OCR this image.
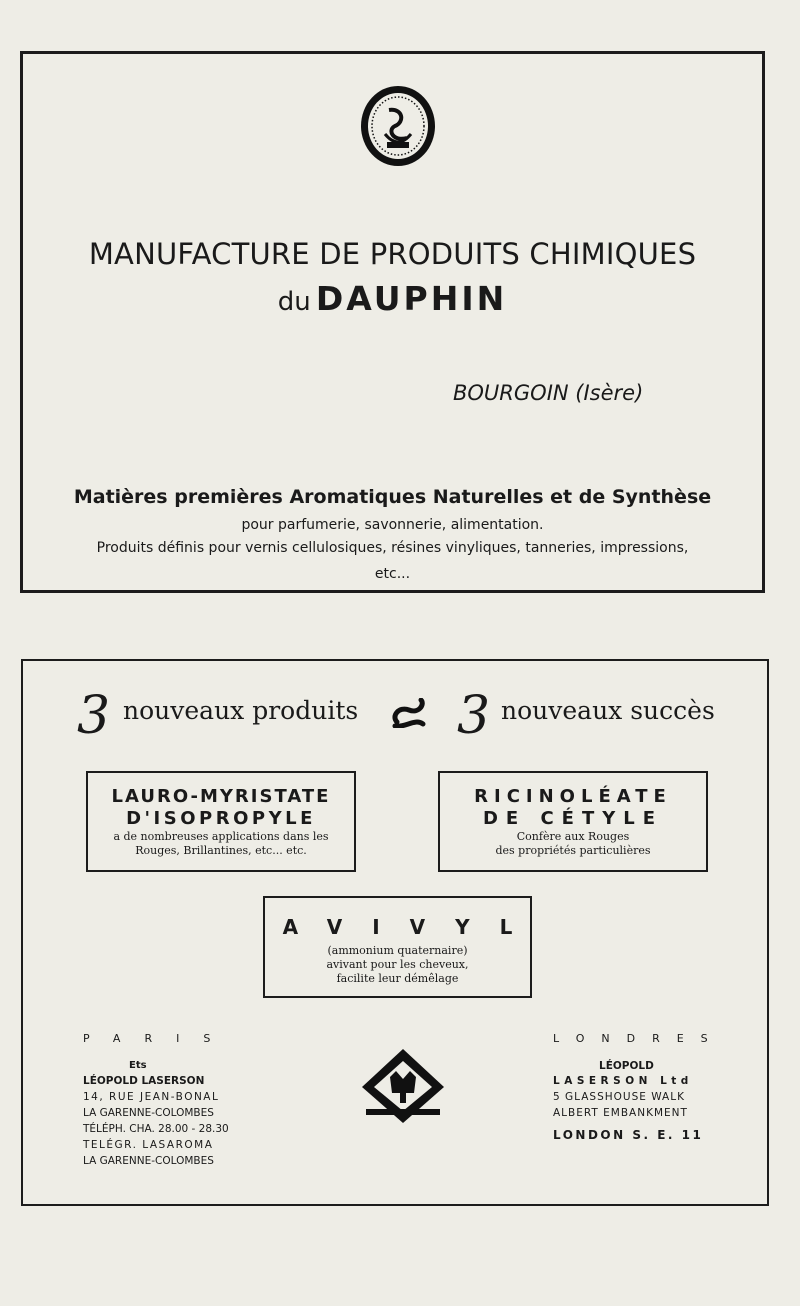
MANUFACTURE DE PRODUITS CHIMIQUES
du DAUPHIN
BOURGOIN (Isère)
Matières premières Aromatiques Naturelles et de Synthèse
pour parfumerie, savonnerie, alimentation.
Produits définis pour vernis cellulosiques, résines vinyliques, tanneries, impressions,
etc...
3 nouveaux produits 3 nouveaux succès
LAURO-MYRISTATE
D'ISOPROPYLE
a de nombreuses applications dans les
Rouges, Brillantines, etc... etc.
RICINOLÉATE
DE CÉTYLE
Confère aux Rouges
des propriétés particulières
AVIVYL
(ammonium quaternaire)
avivant pour les cheveux,
facilite leur démêlage
PARIS
Ets
LÉOPOLD LASERSON
14, RUE JEAN-BONAL
LA GARENNE-COLOMBES
TÉLÉPH. CHA. 28.00 - 28.30
TELÉGR. LASAROMA
LA GARENNE-COLOMBES
LONDRES
LÉOPOLD
LASERSON Ltd
5 GLASSHOUSE WALK
ALBERT EMBANKMENT
LONDON S. E. 11
